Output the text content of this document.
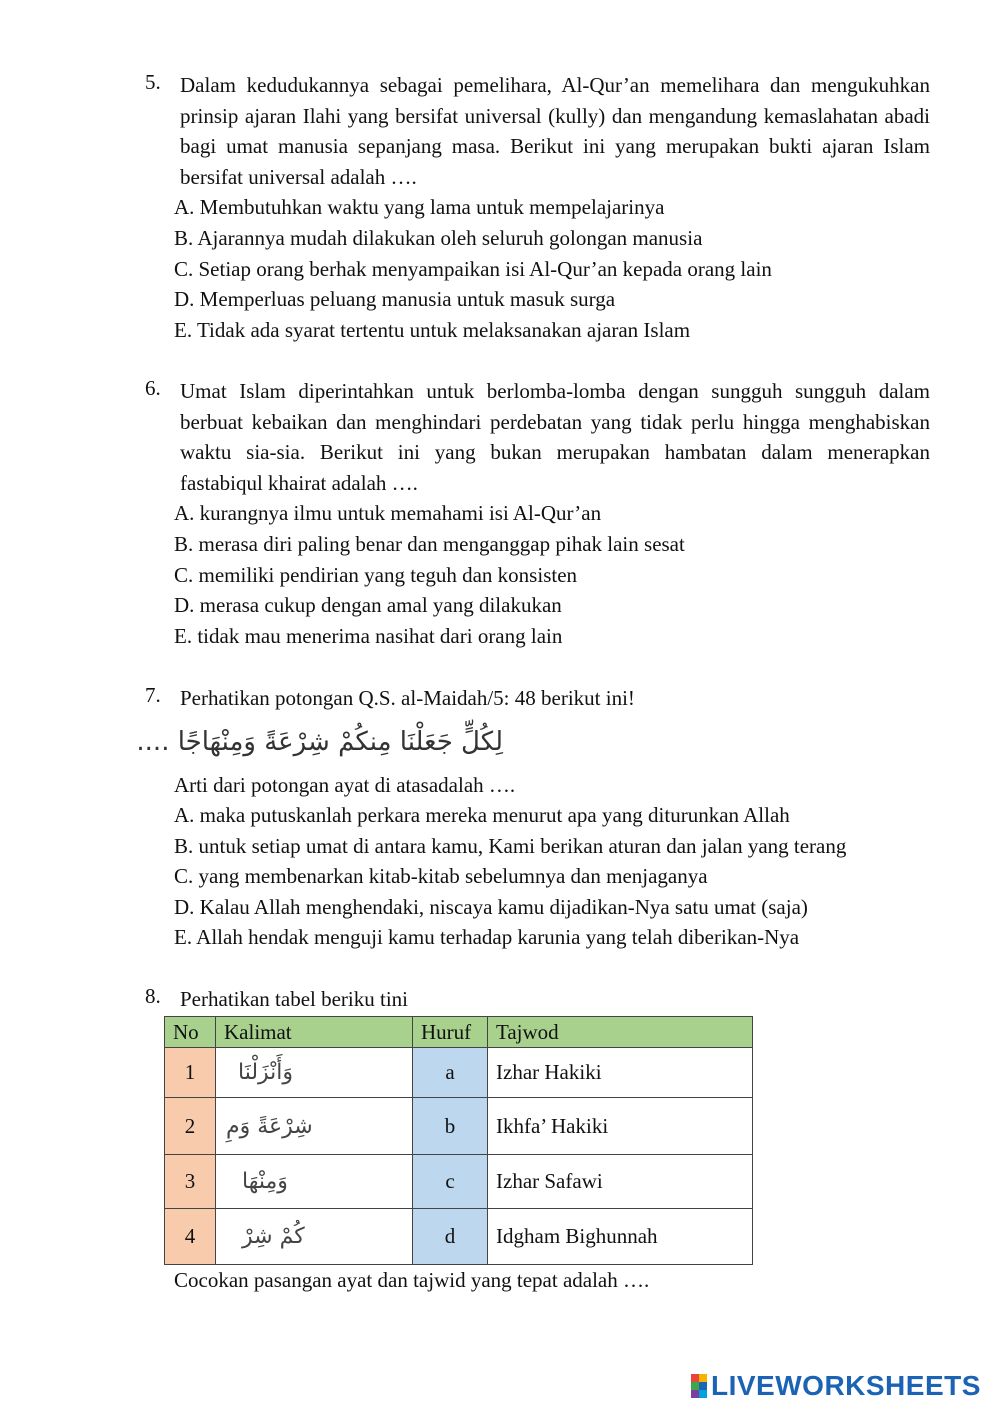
5. Dalam kedudukannya sebagai pemelihara, Al-Qur’an memelihara dan mengukuhkan prinsip ajaran Ilahi yang bersifat universal (kully) dan mengandung kemaslahatan abadi bagi umat manusia sepanjang masa. Berikut ini yang merupakan bukti ajaran Islam bersifat universal adalah ….
A. Membutuhkan waktu yang lama untuk mempelajarinya
B. Ajarannya mudah dilakukan oleh seluruh golongan manusia
C. Setiap orang berhak menyampaikan isi Al-Qur’an kepada orang lain
D. Memperluas peluang manusia untuk masuk surga
E. Tidak ada syarat tertentu untuk melaksanakan ajaran Islam
6. Umat Islam diperintahkan untuk berlomba-lomba dengan sungguh sungguh dalam berbuat kebaikan dan menghindari perdebatan yang tidak perlu hingga menghabiskan waktu sia-sia. Berikut ini yang bukan merupakan hambatan dalam menerapkan fastabiqul khairat adalah ….
A. kurangnya ilmu untuk memahami isi Al-Qur’an
B. merasa diri paling benar dan menganggap pihak lain sesat
C. memiliki pendirian yang teguh dan konsisten
D. merasa cukup dengan amal yang dilakukan
E. tidak mau menerima nasihat dari orang lain
7. Perhatikan potongan Q.S. al-Maidah/5: 48 berikut ini!
لِكُلٍّ جَعَلْنَا مِنكُمْ شِرْعَةً وَمِنْهَاجًا ....
Arti dari potongan ayat di atasadalah ….
A. maka putuskanlah perkara mereka menurut apa yang diturunkan Allah
B. untuk setiap umat di antara kamu, Kami berikan aturan dan jalan yang terang
C. yang membenarkan kitab-kitab sebelumnya dan menjaganya
D. Kalau Allah menghendaki, niscaya kamu dijadikan-Nya satu umat (saja)
E. Allah hendak menguji kamu terhadap karunia yang telah diberikan-Nya
8. Perhatikan tabel beriku tini
No	Kalimat	Huruf	Tajwod
1	وَأَنْزَلْنَا	a	Izhar Hakiki
2	شِرْعَةً وَمِ	b	Ikhfa’ Hakiki
3	وَمِنْهَا	c	Izhar Safawi
4	كُمْ شِرْ	d	Idgham Bighunnah
Cocokan pasangan ayat dan tajwid yang tepat adalah ….
LIVEWORKSHEETS
